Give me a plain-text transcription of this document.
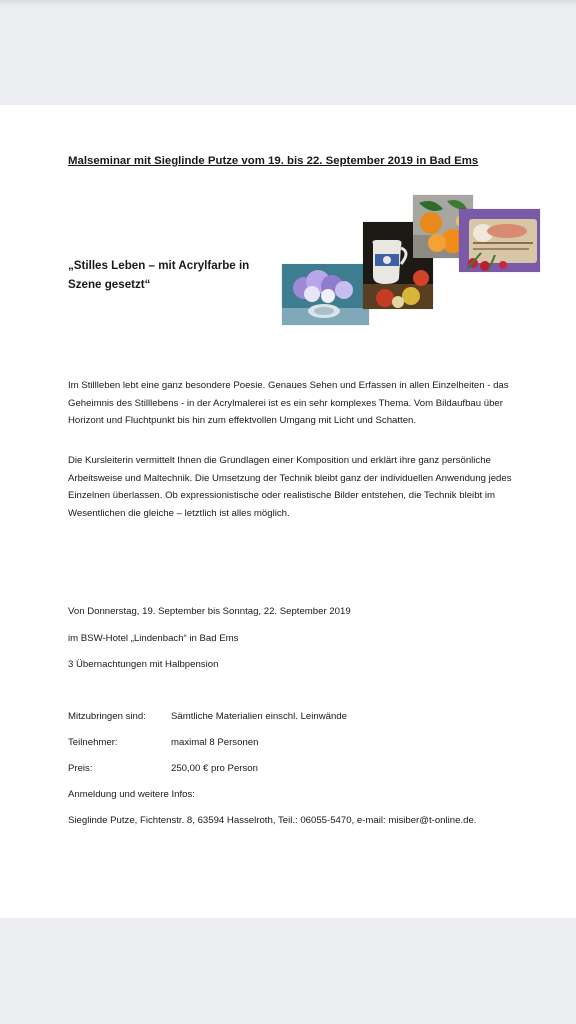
Malseminar mit Sieglinde Putze vom 19. bis 22. September 2019 in Bad Ems

„Stilles Leben – mit Acrylfarbe in Szene gesetzt“

Im Stillleben lebt eine ganz besondere Poesie. Genaues Sehen und Erfassen in allen Einzelheiten - das Geheimnis des Stilllebens - in der Acrylmalerei ist es ein sehr komplexes Thema. Vom Bildaufbau über Horizont und Fluchtpunkt bis hin zum effektvollen Umgang mit Licht und Schatten.

Die Kursleiterin vermittelt Ihnen die Grundlagen einer Komposition und erklärt ihre ganz persönliche Arbeitsweise und Maltechnik. Die Umsetzung der Technik bleibt ganz der individuellen Anwendung jedes Einzelnen überlassen. Ob expressionistische oder realistische Bilder entstehen, die Technik bleibt im Wesentlichen die gleiche – letztlich ist alles möglich.

Von Donnerstag, 19. September bis Sonntag, 22. September 2019

im BSW-Hotel „Lindenbach“ in Bad Ems

3 Übernachtungen mit Halbpension

Mitzubringen sind:	Sämtliche Materialien einschl. Leinwände
Teilnehmer:	maximal 8 Personen
Preis:	250,00 € pro Person

Anmeldung und weitere Infos:

Sieglinde Putze, Fichtenstr. 8, 63594 Hasselroth, Teil.: 06055-5470, e-mail: misiber@t-online.de.
